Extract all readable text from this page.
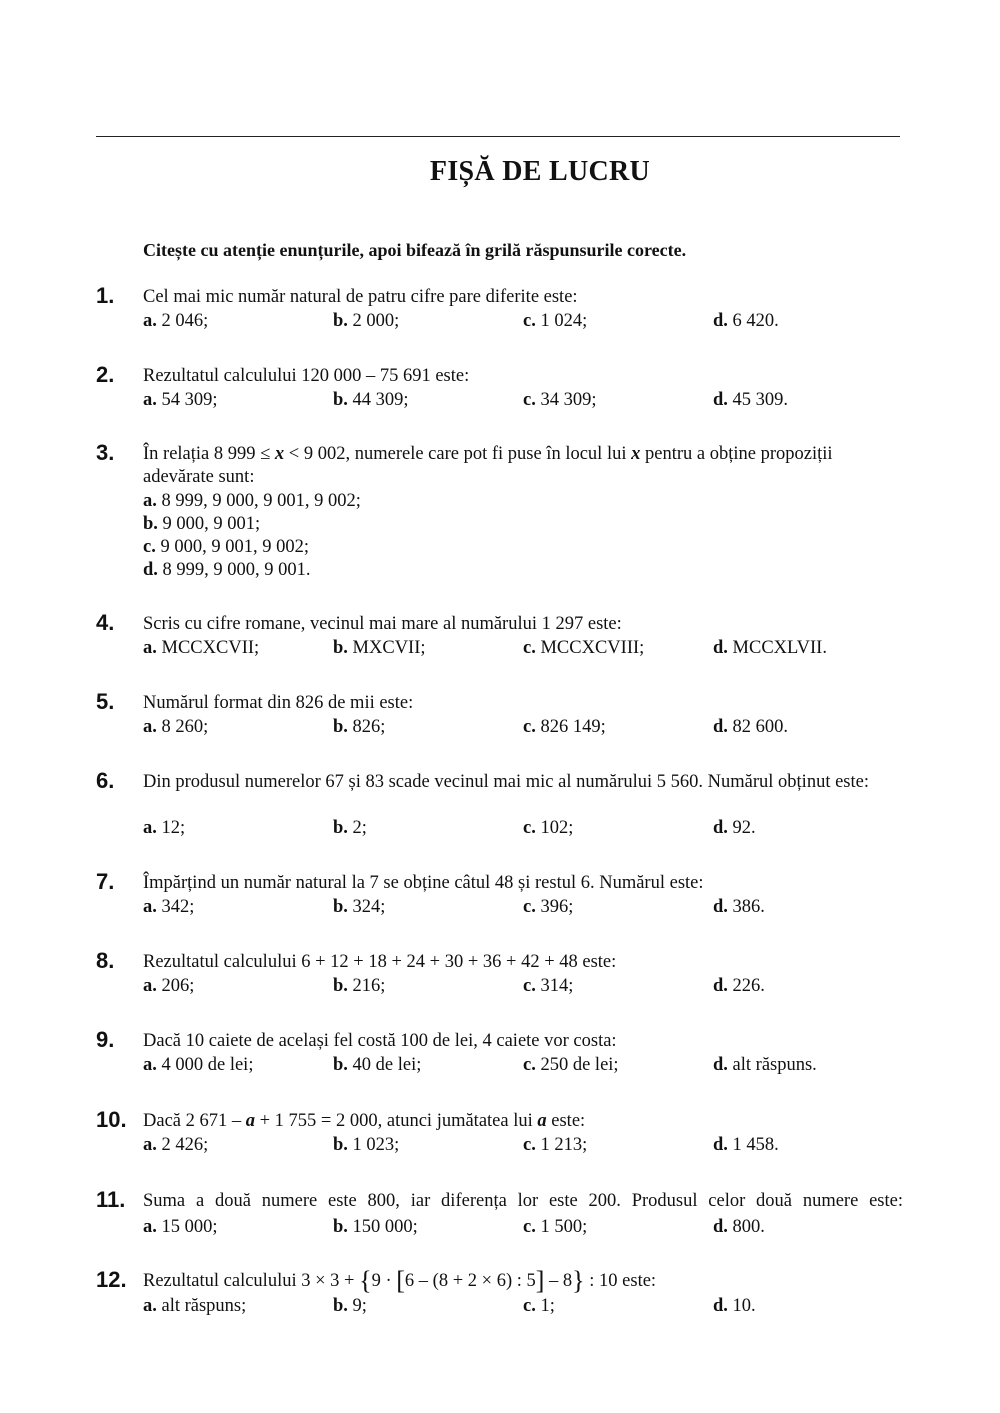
FIȘĂ DE LUCRU
Citește cu atenție enunțurile, apoi bifează în grilă răspunsurile corecte.
1. Cel mai mic număr natural de patru cifre pare diferite este:
a. 2 046;	b. 2 000;	c. 1 024;	d. 6 420.
2. Rezultatul calculului 120 000 – 75 691 este:
a. 54 309;	b. 44 309;	c. 34 309;	d. 45 309.
3. În relația 8 999 ≤ x < 9 002, numerele care pot fi puse în locul lui x pentru a obține propoziții adevărate sunt:
a. 8 999, 9 000, 9 001, 9 002;
b. 9 000, 9 001;
c. 9 000, 9 001, 9 002;
d. 8 999, 9 000, 9 001.
4. Scris cu cifre romane, vecinul mai mare al numărului 1 297 este:
a. MCCXCVII;	b. MXCVII;	c. MCCXCVIII;	d. MCCXLVII.
5. Numărul format din 826 de mii este:
a. 8 260;	b. 826;	c. 826 149;	d. 82 600.
6. Din produsul numerelor 67 și 83 scade vecinul mai mic al numărului 5 560. Numărul obținut este:
a. 12;	b. 2;	c. 102;	d. 92.
7. Împărțind un număr natural la 7 se obține câtul 48 și restul 6. Numărul este:
a. 342;	b. 324;	c. 396;	d. 386.
8. Rezultatul calculului 6 + 12 + 18 + 24 + 30 + 36 + 42 + 48 este:
a. 206;	b. 216;	c. 314;	d. 226.
9. Dacă 10 caiete de același fel costă 100 de lei, 4 caiete vor costa:
a. 4 000 de lei;	b. 40 de lei;	c. 250 de lei;	d. alt răspuns.
10. Dacă 2 671 – a + 1 755 = 2 000, atunci jumătatea lui a este:
a. 2 426;	b. 1 023;	c. 1 213;	d. 1 458.
11. Suma a două numere este 800, iar diferența lor este 200. Produsul celor două numere este:
a. 15 000;	b. 150 000;	c. 1 500;	d. 800.
12. Rezultatul calculului 3 × 3 + {9 · [6 – (8 + 2 × 6) : 5] – 8} : 10 este:
a. alt răspuns;	b. 9;	c. 1;	d. 10.
